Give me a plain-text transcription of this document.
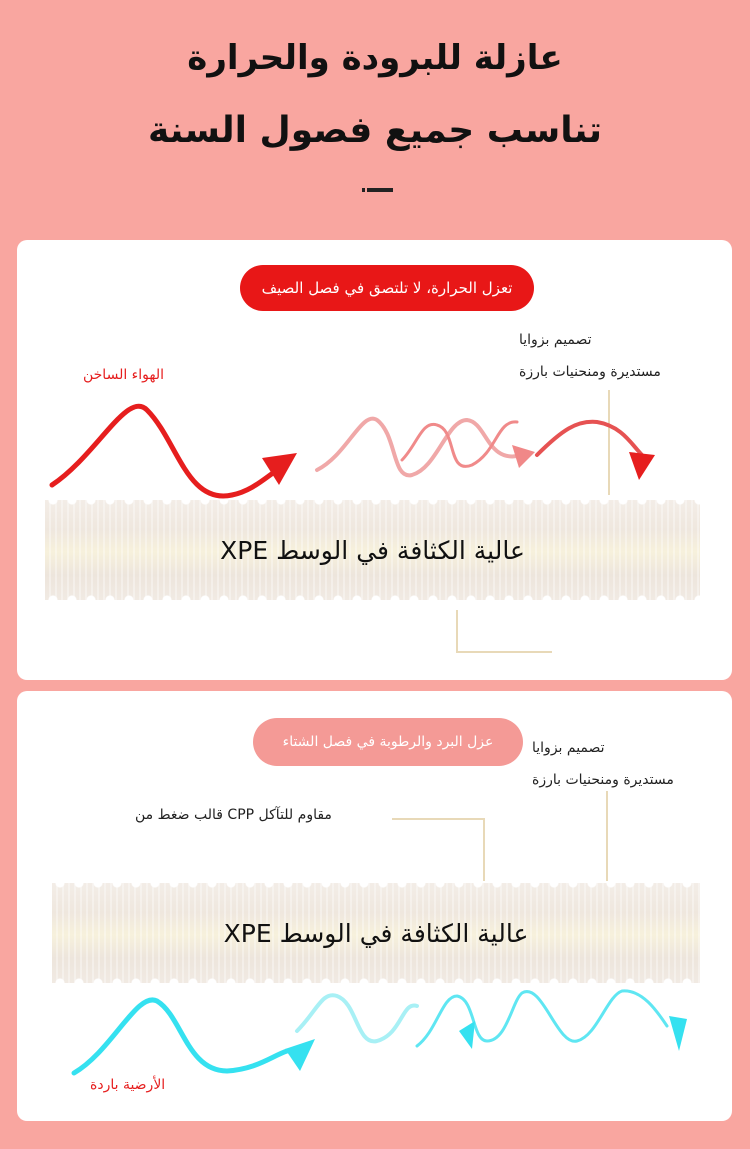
عازلة للبرودة والحرارة
تناسب جميع فصول السنة
تعزل الحرارة، لا تلتصق في فصل الصيف
تصميم بزوايا
مستديرة ومنحنيات بارزة
الهواء الساخن
عالية الكثافة في الوسط XPE
عزل البرد والرطوبة في فصل الشتاء	تصميم بزوايا
مستديرة ومنحنيات بارزة
مقاوم للتآكل CPP قالب ضغط من
الأرضية باردة
عالية الكثافة في الوسط XPE
